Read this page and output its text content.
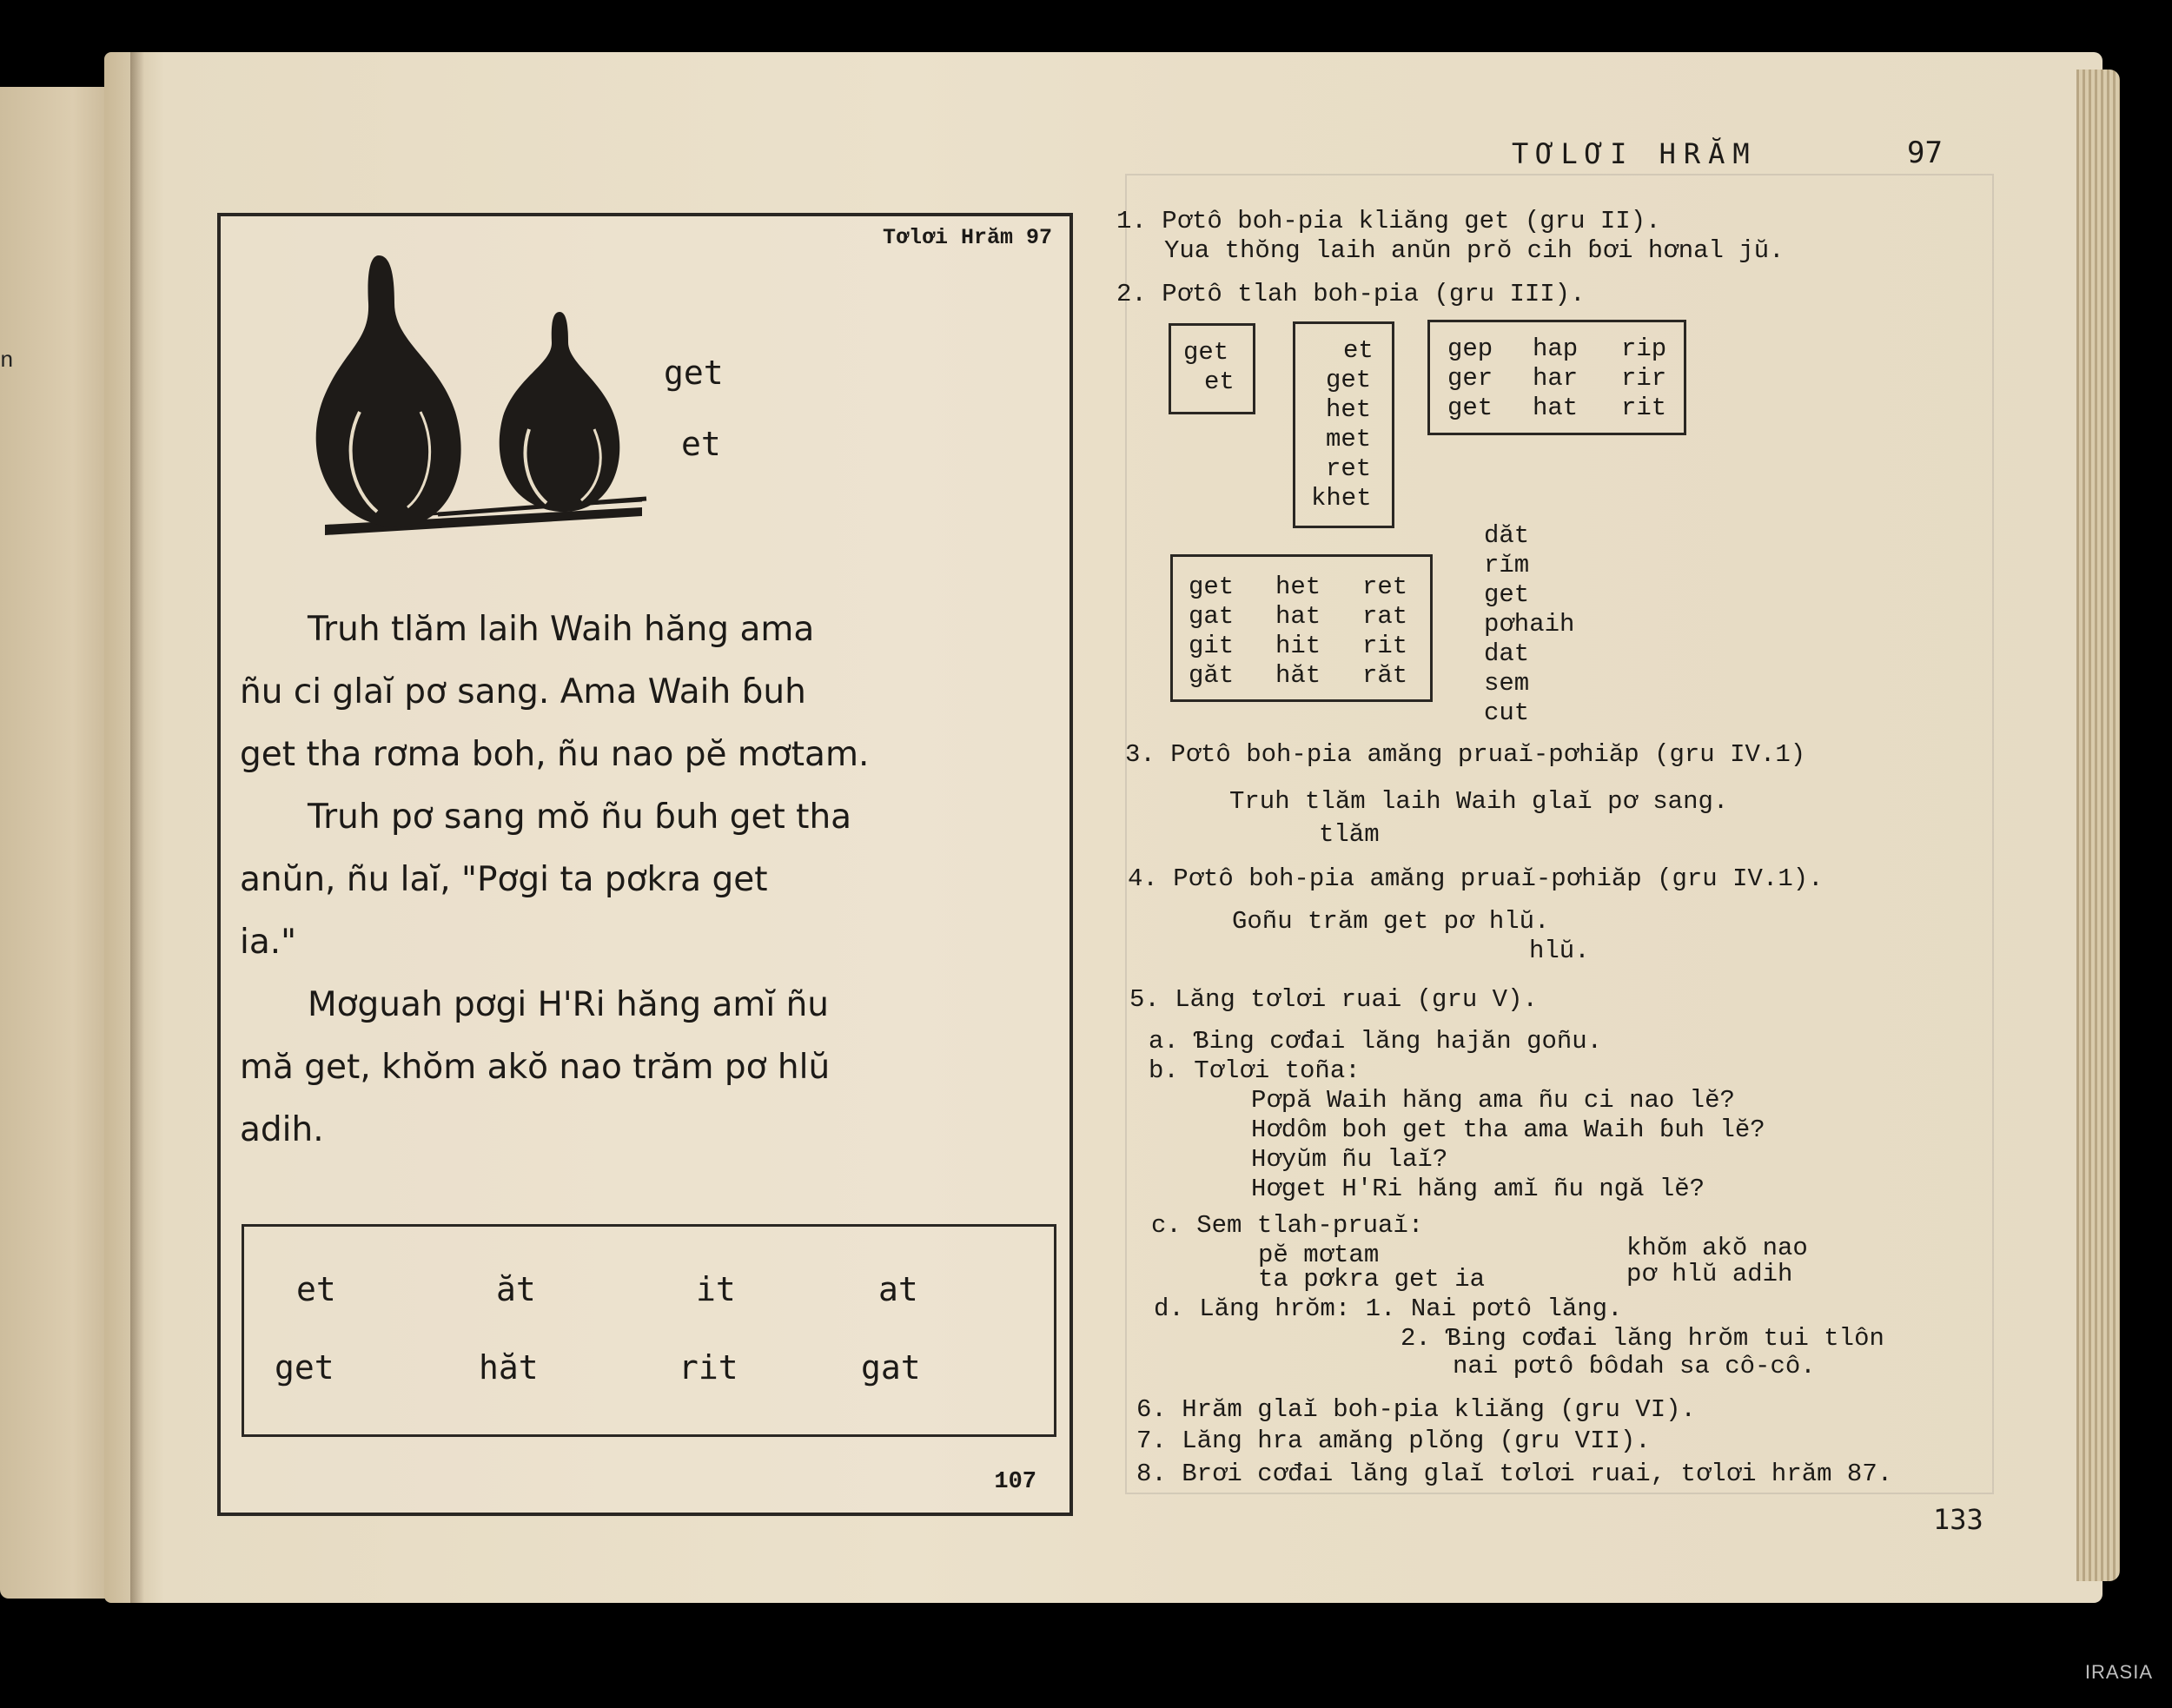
n
Tơlơi Hrăm 97
get
et

Truh tlăm laih Waih hăng ama

ñu ci glaĭ pơ sang. Ama Waih ɓuh

get tha rơma boh, ñu nao pĕ mơtam.

Truh pơ sang mŏ ñu ɓuh get tha

anŭn, ñu laĭ, "Pơgi ta pơkra get

ia."

Mơguah pơgi H'Ri hăng amĭ ñu

mă get, khŏm akŏ nao trăm pơ hlŭ

adih.

et	ăt	it	at
get	hăt	rit	gat
107
TƠLƠI HRĂM	97
1. Pơtô boh-pia kliăng get (gru II).
Yua thŏng laih anŭn prŏ cih ɓơi hơnal jŭ.
2. Pơtô tlah boh-pia (gru III).
get
et
et
get
het
met
ret
khet
gep hap rip
ger har rir
get hat rit
get het ret
gat hat rat
git hit rit
găt hăt răt
dăt
rĭm
get
pơhaih
dat
sem
cut
3. Pơtô boh-pia amăng pruaĭ-pơhiăp (gru IV.1)
Truh tlăm laih Waih glaĭ pơ sang.
tlăm
4. Pơtô boh-pia amăng pruaĭ-pơhiăp (gru IV.1).
Goñu trăm get pơ hlŭ.
hlŭ.
5. Lăng tơlơi ruai (gru V).
a. Ɓing cơđai lăng hajăn goñu.
b. Tơlơi toña:
Pơpă Waih hăng ama ñu ci nao lĕ?
Hơdôm boh get tha ama Waih ɓuh lĕ?
Hơyŭm ñu laĭ?
Hơget H'Ri hăng amĭ ñu ngă lĕ?
c. Sem tlah-pruaĭ:
pĕ mơtam
ta pơkra get ia
khŏm akŏ nao
pơ hlŭ adih
d. Lăng hrŏm: 1. Nai pơtô lăng.
2. Ɓing cơđai lăng hrŏm tui tlôn
nai pơtô ɓôdah sa cô-cô.
6. Hrăm glaĭ boh-pia kliăng (gru VI).
7. Lăng hra amăng plŏng (gru VII).
8. Brơi cơđai lăng glaĭ tơlơi ruai, tơlơi hrăm 87.
133
IRASIA
